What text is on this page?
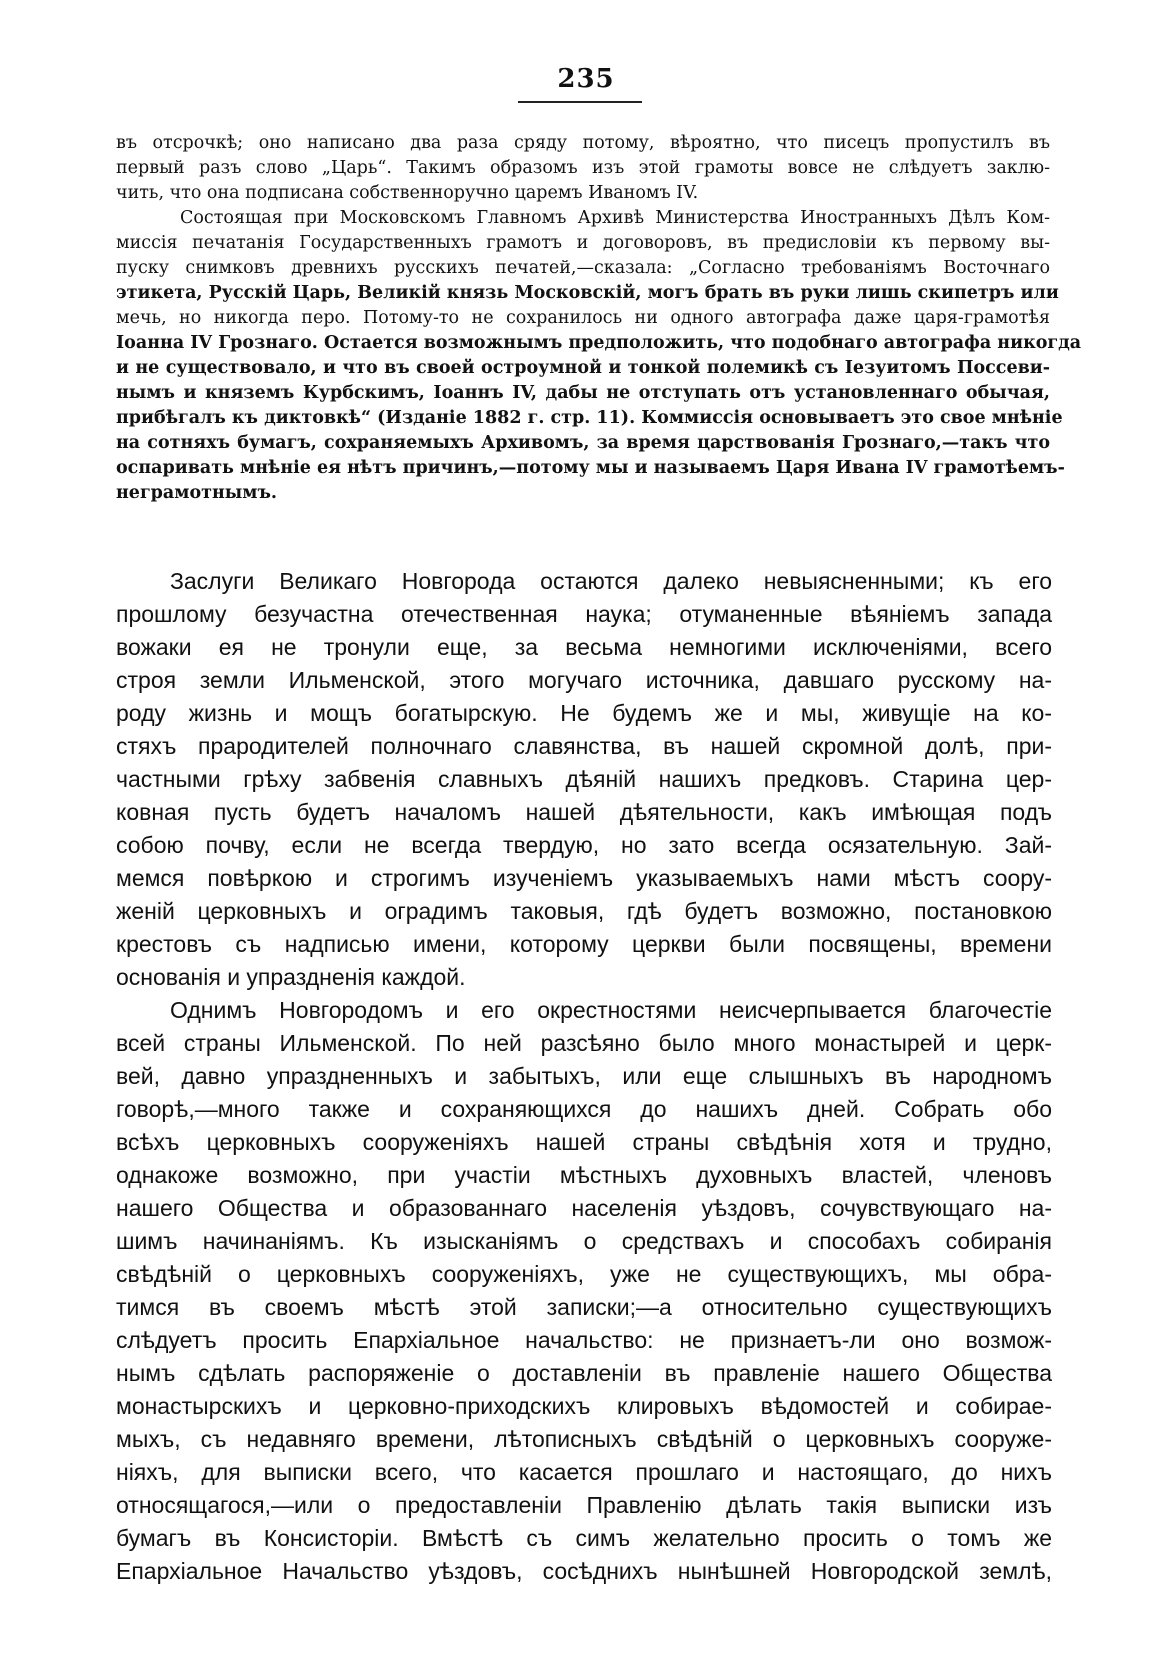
235
въ отсрочкѣ; оно написано два раза сряду потому, вѣроятно, что писецъ пропустилъ въ
первый разъ слово „Царь“. Такимъ образомъ изъ этой грамоты вовсе не слѣдуетъ заклю-
чить, что она подписана собственноручно царемъ Иваномъ IV.
Состоящая при Московскомъ Главномъ Архивѣ Министерства Иностранныхъ Дѣлъ Ком-
миссія печатанія Государственныхъ грамотъ и договоровъ, въ предисловіи къ первому вы-
пуску снимковъ древнихъ русскихъ печатей,—сказала: „Согласно требованіямъ Восточнаго
этикета, Русскій Царь, Великій князь Московскій, могъ брать въ руки лишь скипетръ или
мечь, но никогда перо. Потому-то не сохранилось ни одного автографа даже царя-грамотѣя
Іоанна IV Грознаго. Остается возможнымъ предположить, что подобнаго автографа никогда
и не существовало, и что въ своей остроумной и тонкой полемикѣ съ Іезуитомъ Поссеви-
нымъ и княземъ Курбскимъ, Іоаннъ IV, дабы не отступать отъ установленнаго обычая,
прибѣгалъ къ диктовкѣ“ (Изданіе 1882 г. стр. 11). Коммиссія основываетъ это свое мнѣніе
на сотняхъ бумагъ, сохраняемыхъ Архивомъ, за время царствованія Грознаго,—такъ что
оспаривать мнѣніе ея нѣтъ причинъ,—потому мы и называемъ Царя Ивана IV грамотѣемъ-
неграмотнымъ.
Заслуги Великаго Новгорода остаются далеко невыясненными; къ его
прошлому безучастна отечественная наука; отуманенные вѣяніемъ запада
вожаки ея не тронули еще, за весьма немногими исключеніями, всего
строя земли Ильменской, этого могучаго источника, давшаго русскому на-
роду жизнь и мощъ богатырскую. Не будемъ же и мы, живущіе на ко-
стяхъ прародителей полночнаго славянства, въ нашей скромной долѣ, при-
частными грѣху забвенія славныхъ дѣяній нашихъ предковъ. Старина цер-
ковная пусть будетъ началомъ нашей дѣятельности, какъ имѣющая подъ
собою почву, если не всегда твердую, но зато всегда осязательную. Зай-
мемся повѣркою и строгимъ изученіемъ указываемыхъ нами мѣстъ соору-
женій церковныхъ и оградимъ таковыя, гдѣ будетъ возможно, постановкою
крестовъ съ надписью имени, которому церкви были посвящены, времени
основанія и упраздненія каждой.
Однимъ Новгородомъ и его окрестностями неисчерпывается благочестіе
всей страны Ильменской. По ней разсѣяно было много монастырей и церк-
вей, давно упраздненныхъ и забытыхъ, или еще слышныхъ въ народномъ
говорѣ,—много также и сохраняющихся до нашихъ дней. Собрать обо
всѣхъ церковныхъ сооруженіяхъ нашей страны свѣдѣнія хотя и трудно,
однакоже возможно, при участіи мѣстныхъ духовныхъ властей, членовъ
нашего Общества и образованнаго населенія уѣздовъ, сочувствующаго на-
шимъ начинаніямъ. Къ изысканіямъ о средствахъ и способахъ собиранія
свѣдѣній о церковныхъ сооруженіяхъ, уже не существующихъ, мы обра-
тимся въ своемъ мѣстѣ этой записки;—а относительно существующихъ
слѣдуетъ просить Епархіальное начальство: не признаетъ-ли оно возмож-
нымъ сдѣлать распоряженіе о доставленіи въ правленіе нашего Общества
монастырскихъ и церковно-приходскихъ клировыхъ вѣдомостей и собирае-
мыхъ, съ недавняго времени, лѣтописныхъ свѣдѣній о церковныхъ сооруже-
ніяхъ, для выписки всего, что касается прошлаго и настоящаго, до нихъ
относящагося,—или о предоставленіи Правленію дѣлать такія выписки изъ
бумагъ въ Консисторіи. Вмѣстѣ съ симъ желательно просить о томъ же
Епархіальное Начальство уѣздовъ, сосѣднихъ нынѣшней Новгородской землѣ,
